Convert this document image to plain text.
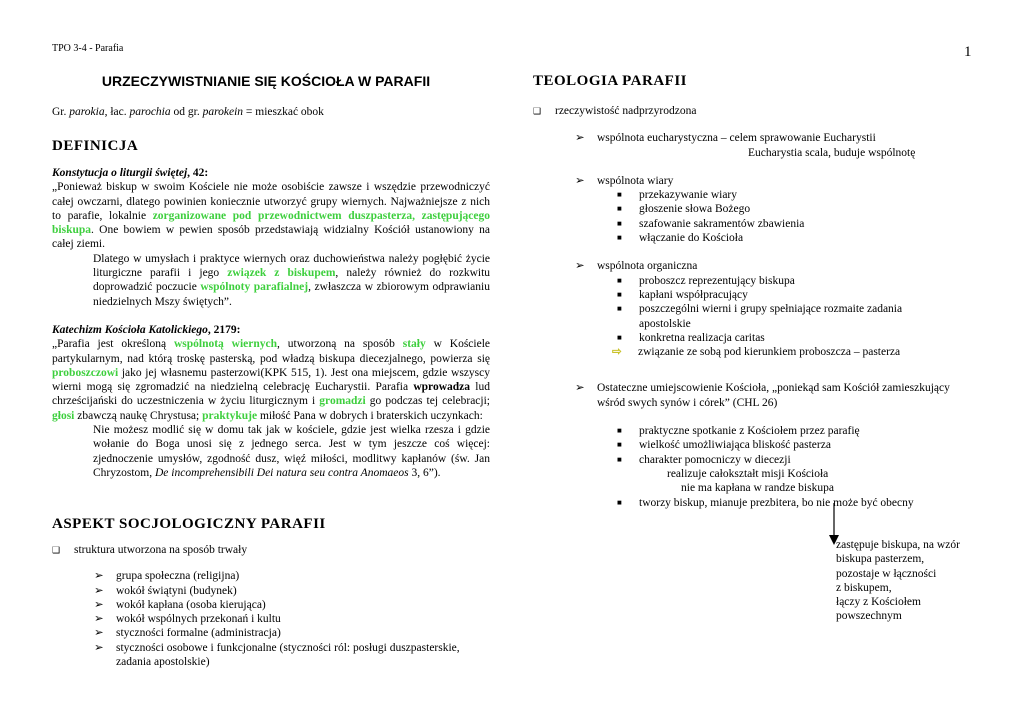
TPO 3-4 - Parafia	1
URZECZYWISTNIANIE SIĘ KOŚCIOŁA W PARAFII
Gr. parokia, łac. parochia od gr. parokein = mieszkać obok
DEFINICJA

Konstytucja o liturgii świętej, 42:

„Ponieważ biskup w swoim Kościele nie może osobiście zawsze i wszędzie przewodniczyć całej owczarni, dlatego powinien koniecznie utworzyć grupy wiernych. Najważniejsze z nich to parafie, lokalnie zorganizowane pod przewodnictwem duszpasterza, zastępującego biskupa. One bowiem w pewien sposób przedstawiają widzialny Kościół ustanowiony na całej ziemi.

Dlatego w umysłach i praktyce wiernych oraz duchowieństwa należy pogłębić życie liturgiczne parafii i jego związek z biskupem, należy również do rozkwitu doprowadzić poczucie wspólnoty parafialnej, zwłaszcza w zbiorowym odprawianiu niedzielnych Mszy świętych”.

Katechizm Kościoła Katolickiego, 2179:

„Parafia jest określoną wspólnotą wiernych, utworzoną na sposób stały w Kościele partykularnym, nad którą troskę pasterską, pod władzą biskupa diecezjalnego, powierza się proboszczowi jako jej własnemu pasterzowi(KPK 515, 1). Jest ona miejscem, gdzie wszyscy wierni mogą się zgromadzić na niedzielną celebrację Eucharystii. Parafia wprowadza lud chrześcijański do uczestniczenia w życiu liturgicznym i gromadzi go podczas tej celebracji; głosi zbawczą naukę Chrystusa; praktykuje miłość Pana w dobrych i braterskich uczynkach:

Nie możesz modlić się w domu tak jak w kościele, gdzie jest wielka rzesza i gdzie wołanie do Boga unosi się z jednego serca. Jest w tym jeszcze coś więcej: zjednoczenie umysłów, zgodność dusz, więź miłości, modlitwy kapłanów (św. Jan Chryzostom, De incomprehensibili Dei natura seu contra Anomaeos 3, 6”).

ASPEKT SOCJOLOGICZNY PARAFII

❑ struktura utworzona na sposób trwały

➢	grupa społeczna (religijna)
➢	wokół świątyni (budynek)
➢	wokół kapłana (osoba kierująca)
➢	wokół wspólnych przekonań i kultu
➢	styczności formalne (administracja)
➢	styczności osobowe i funkcjonalne (styczności ról: posługi duszpasterskie, zadania apostolskie)
TEOLOGIA PARAFII

❑ rzeczywistość nadprzyrodzona

➢	wspólnota eucharystyczna – celem sprawowanie Eucharystii

Eucharystia scala, buduje wspólnotę

➢	wspólnota wiary

■	przekazywanie wiary
■	głoszenie słowa Bożego
■	szafowanie sakramentów zbawienia
■	włączanie do Kościoła

➢	wspólnota organiczna

■	proboszcz reprezentujący biskupa
■	kapłani współpracujący
■	poszczególni wierni i grupy spełniające rozmaite zadania apostolskie
■	konkretna realizacja caritas

⇨	związanie ze sobą pod kierunkiem proboszcza – pasterza

➢	Ostateczne umiejscowienie Kościoła, „poniekąd sam Kościół zamieszkujący wśród swych synów i córek” (CHL 26)

■	praktyczne spotkanie z Kościołem przez parafię
■	wielkość umożliwiająca bliskość pasterza
■	charakter pomocniczy w diecezji

realizuje całokształt misji Kościoła

nie ma kapłana w randze biskupa

■	tworzy biskup, mianuje prezbitera, bo nie może być obecny

zastępuje biskupa, na wzór

biskupa pasterzem,

pozostaje w łączności

z biskupem,

łączy z Kościołem

powszechnym
